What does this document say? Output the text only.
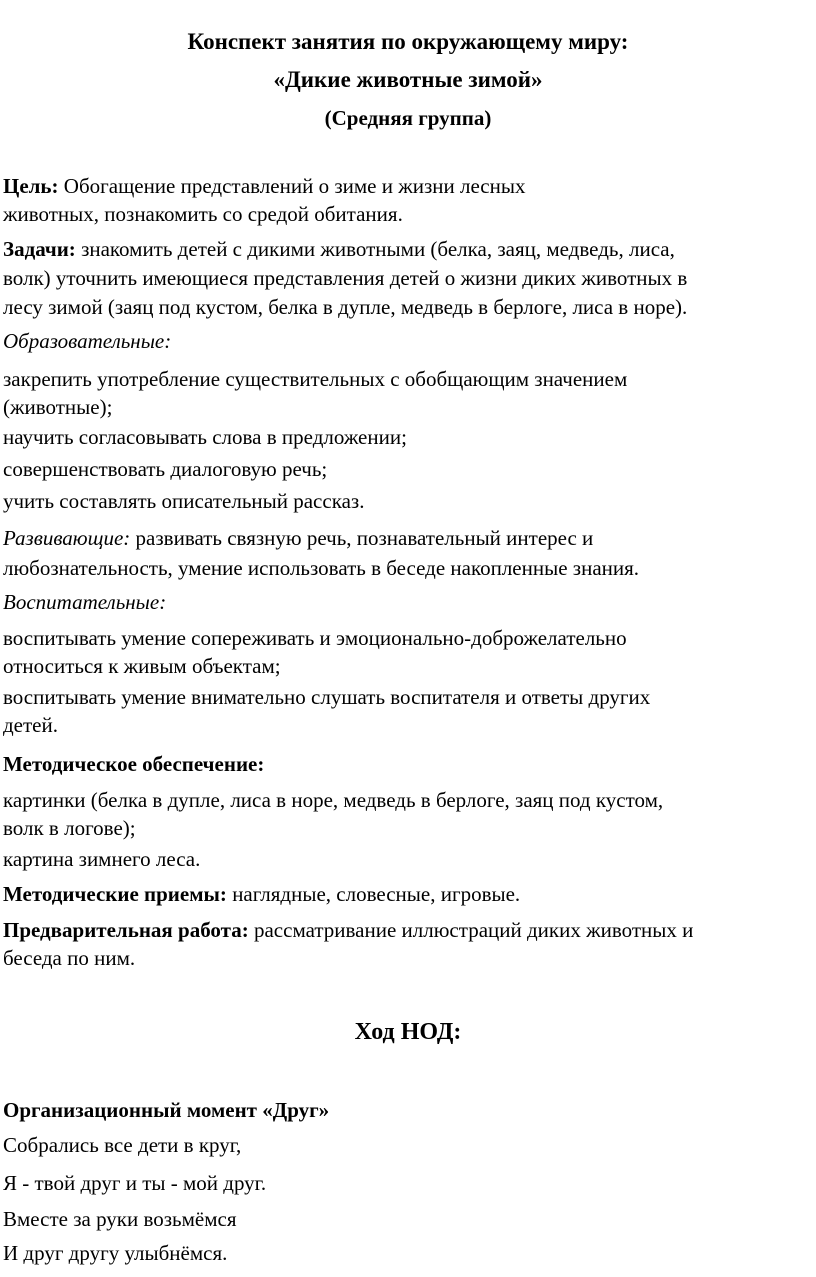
Конспект занятия по окружающему миру:
«Дикие животные зимой»
(Средняя группа)
Цель: Обогащение представлений о зиме и жизни лесных
животных, познакомить со средой обитания.
Задачи: знакомить детей с дикими животными (белка, заяц, медведь, лиса,
волк) уточнить имеющиеся представления детей о жизни диких животных в
лесу зимой (заяц под кустом, белка в дупле, медведь в берлоге, лиса в норе).
Образовательные:
закрепить употребление существительных с обобщающим значением
(животные);
научить согласовывать слова в предложении;
совершенствовать диалоговую речь;
учить составлять описательный рассказ.
Развивающие: развивать связную речь, познавательный интерес и
любознательность, умение использовать в беседе накопленные знания.
Воспитательные:
воспитывать умение сопереживать и эмоционально-доброжелательно
относиться к живым объектам;
воспитывать умение внимательно слушать воспитателя и ответы других
детей.
Методическое обеспечение:
картинки (белка в дупле, лиса в норе, медведь в берлоге, заяц под кустом,
волк в логове);
картина зимнего леса.
Методические приемы: наглядные, словесные, игровые.
Предварительная работа: рассматривание иллюстраций диких животных и
беседа по ним.
Ход НОД:
Организационный момент «Друг»
Собрались все дети в круг,
Я - твой друг и ты - мой друг.
Вместе за руки возьмёмся
И друг другу улыбнёмся.
